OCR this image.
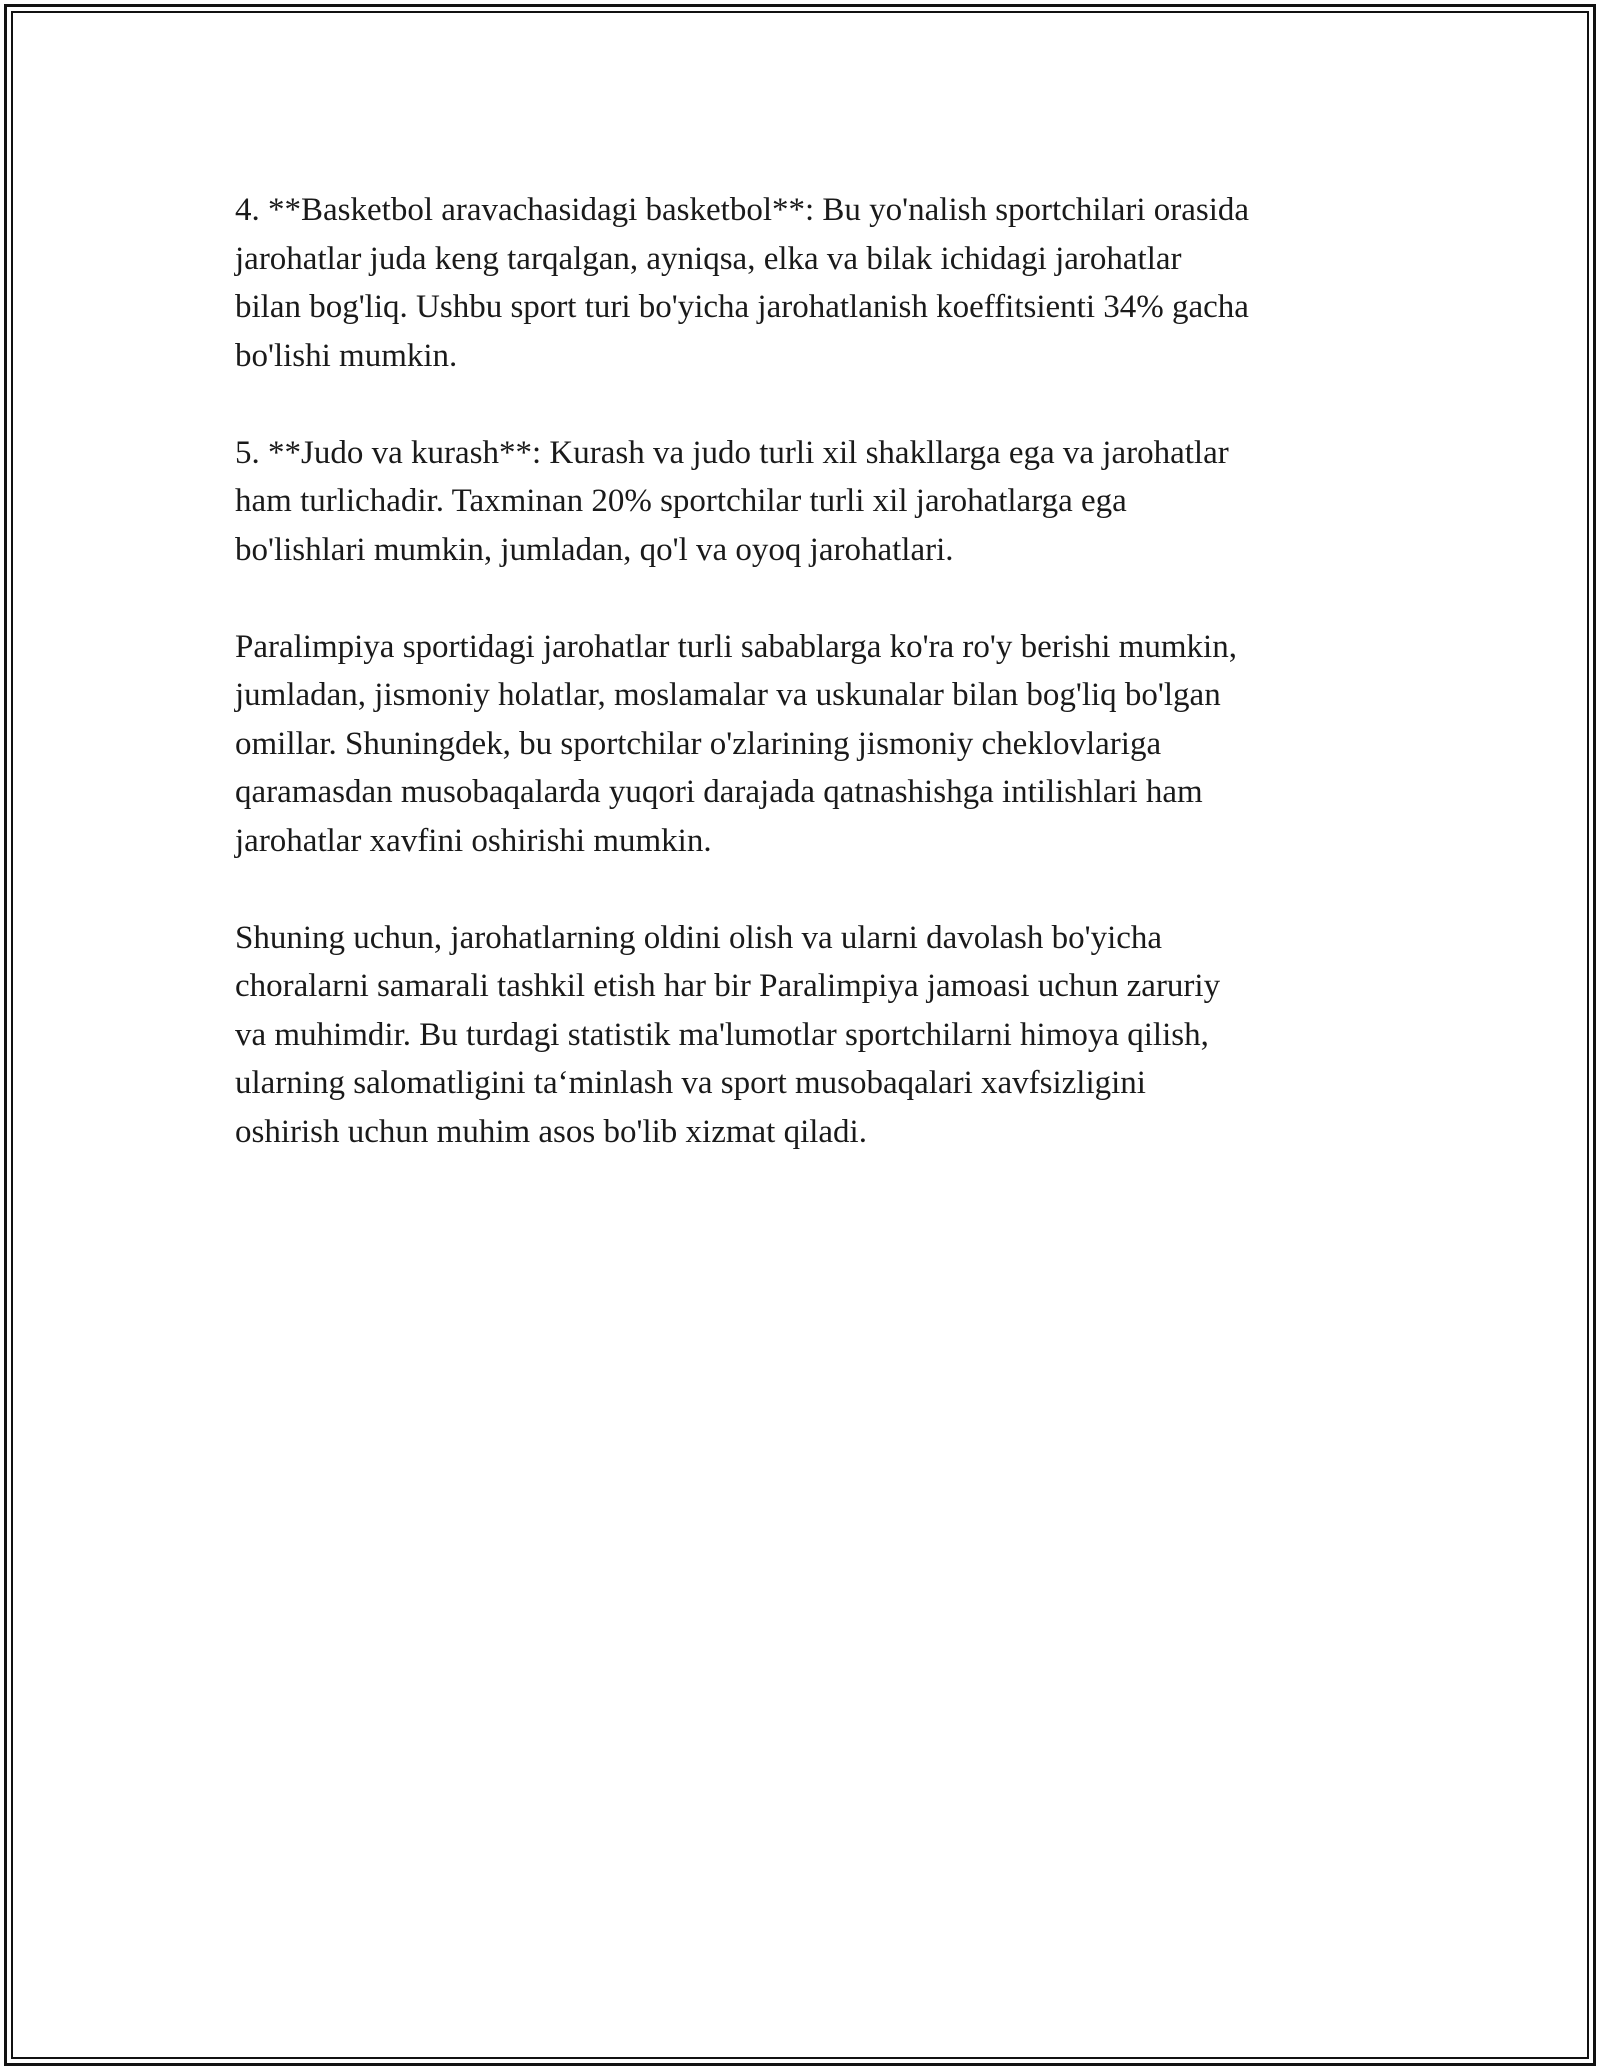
4. **Basketbol aravachasidagi basketbol**: Bu yo'nalish sportchilari orasida
jarohatlar juda keng tarqalgan, ayniqsa, elka va bilak ichidagi jarohatlar
bilan bog'liq. Ushbu sport turi bo'yicha jarohatlanish koeffitsienti 34% gacha
bo'lishi mumkin.

5. **Judo va kurash**: Kurash va judo turli xil shakllarga ega va jarohatlar
ham turlichadir. Taxminan 20% sportchilar turli xil jarohatlarga ega
bo'lishlari mumkin, jumladan, qo'l va oyoq jarohatlari.

Paralimpiya sportidagi jarohatlar turli sabablarga ko'ra ro'y berishi mumkin,
jumladan, jismoniy holatlar, moslamalar va uskunalar bilan bog'liq bo'lgan
omillar. Shuningdek, bu sportchilar o'zlarining jismoniy cheklovlariga
qaramasdan musobaqalarda yuqori darajada qatnashishga intilishlari ham
jarohatlar xavfini oshirishi mumkin.

Shuning uchun, jarohatlarning oldini olish va ularni davolash bo'yicha
choralarni samarali tashkil etish har bir Paralimpiya jamoasi uchun zaruriy
va muhimdir. Bu turdagi statistik ma'lumotlar sportchilarni himoya qilish,
ularning salomatligini ta‘minlash va sport musobaqalari xavfsizligini
oshirish uchun muhim asos bo'lib xizmat qiladi.
